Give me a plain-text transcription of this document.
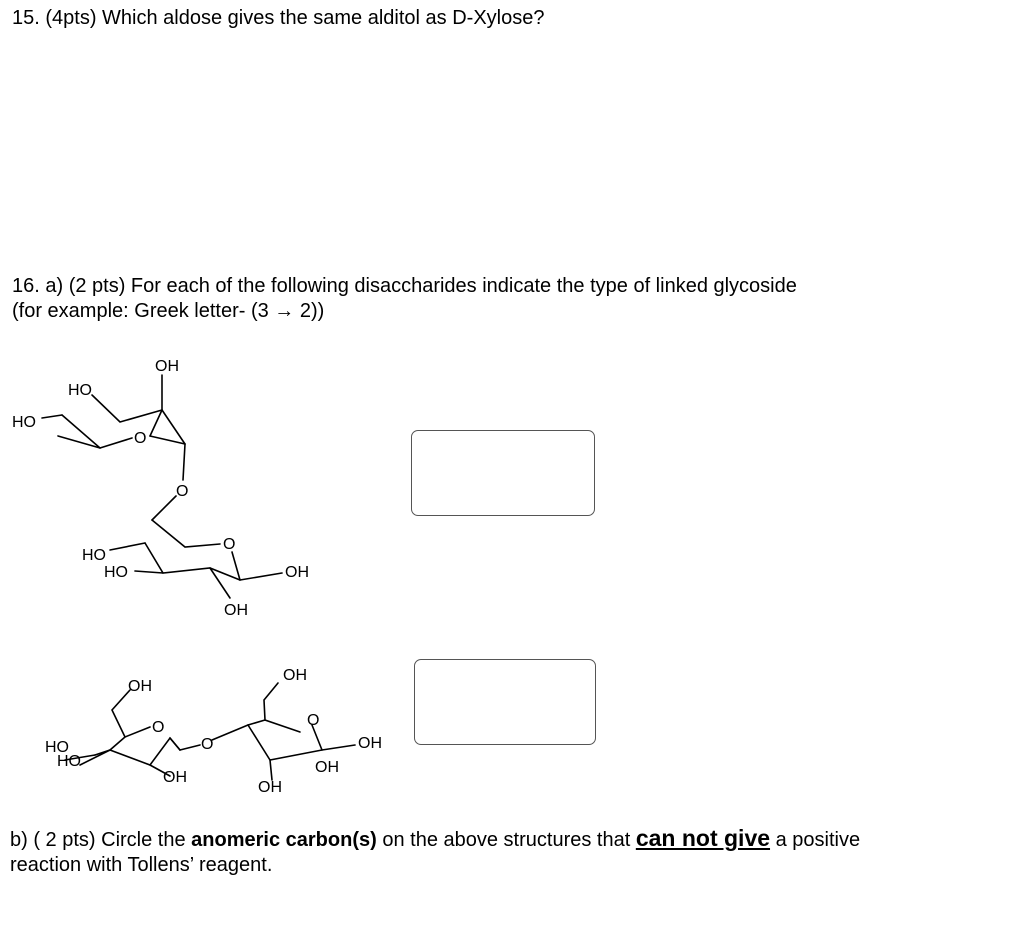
15. (4pts) Which aldose gives the same alditol as D-Xylose?

16. a) (2 pts) For each of the following disaccharides indicate the type of linked glycoside
(for example: Greek letter- (3 → 2))
OH
HO
HO
O
O
HO
HO
O
OH
OH
OH
O
HO
HO
OH
O
OH
O
OH
OH
OH
b) ( 2 pts) Circle the anomeric carbon(s) on the above structures that can not give a positive
reaction with Tollens’ reagent.
